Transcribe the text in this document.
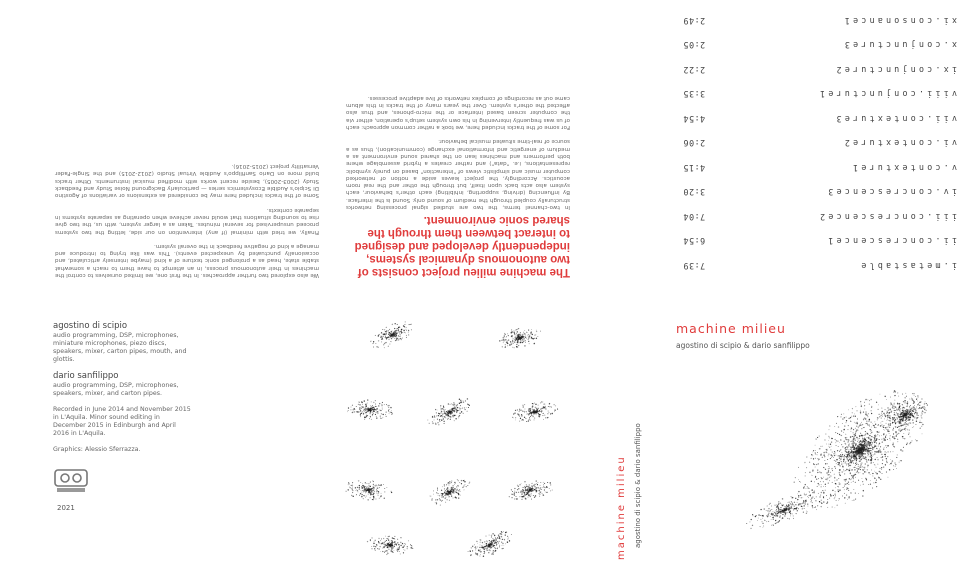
i.metastable
7:39
ii.concrescence1
6:54
iii.concrescence2
7:04
iv.concrescence3
3:20
v.contexture1
4:15
vi.contexture2
2:06
vii.contexture3
4:54
viii.conjuncture1
3:35
ix.conjuncture2
2:22
x.conjuncture3
2:05
xi.consonance1
2:49
The machine milieu project consists of two autonomous dynamical systems, independently developed and designed to interact between them through the shared sonic environment.

In two-channel terms, the two are studied signal processing networks structurally coupled through the medium of sound only. Sound is the interface. By influencing (driving, supporting, inhibiting) each other's behaviour, each system also acts back upon itself, but through the other and the real room acoustics. Accordingly, the project leaves aside a notion of networked computer music and simplistic views of "interaction" based on purely symbolic representations, i.e. "data") and rather creates a hybrid assemblage where both performers and machines lean on the shared sound environment as a medium of energetic and informational exchange (communication), thus as a source of real-time situated musical behaviour.

For some of the tracks included here, we took a rather common approach: each of us was frequently intervening in his own system setup's operation, either via the computer screen based interface or the micro-phones, and thus also affected the other's system. Over the years many of the tracks in this album came out as recordings of complex networks of live adaptive processes.

We also explored two further approaches. In the first one, we limited ourselves to control the machines in their autonomous process, in an attempt to have them to reach a somewhat stable state, head as a prolonged sonic texture of a kind (maybe intensely articulated, and occasionally punctuated by unexpected events). This was like trying to introduce and manage a kind of negative feedback in the overall system.

Finally, we tried with minimal (if any) intervention on our side, letting the two systems proceed unsupervised for several minutes. Taken as a larger system, with us, the two give rise to sounding situations that would never achieve when operating as separate systems in separate contexts.

Some of the tracks included here may be considered as extensions or variations of Agostino Di Scipio's Audible Ecosystemics series — particularly Background Noise Study and Feedback Study (2003-2005), beside recent works with modified musical instruments. Other tracks build more on Dario Sanfilippo's Audible Virtual Studio (2012-2015) and the Single-Fader Versatility project (2015-2016).

agostino di scipio
audio programming, DSP, microphones, miniature microphones, piezo discs, speakers, mixer, carton pipes, mouth, and glottis.
dario sanfilippo
audio programming, DSP, microphones, speakers, mixer, and carton pipes.
Recorded in June 2014 and November 2015 in L'Aquila. Minor sound editing in December 2015 in Edinburgh and April 2016 in L'Aquila.
Graphics: Alessio Sferrazza.
2021	machine milieu agostino di scipio & dario sanfilippo
machine milieu
agostino di scipio & dario sanfilippo
